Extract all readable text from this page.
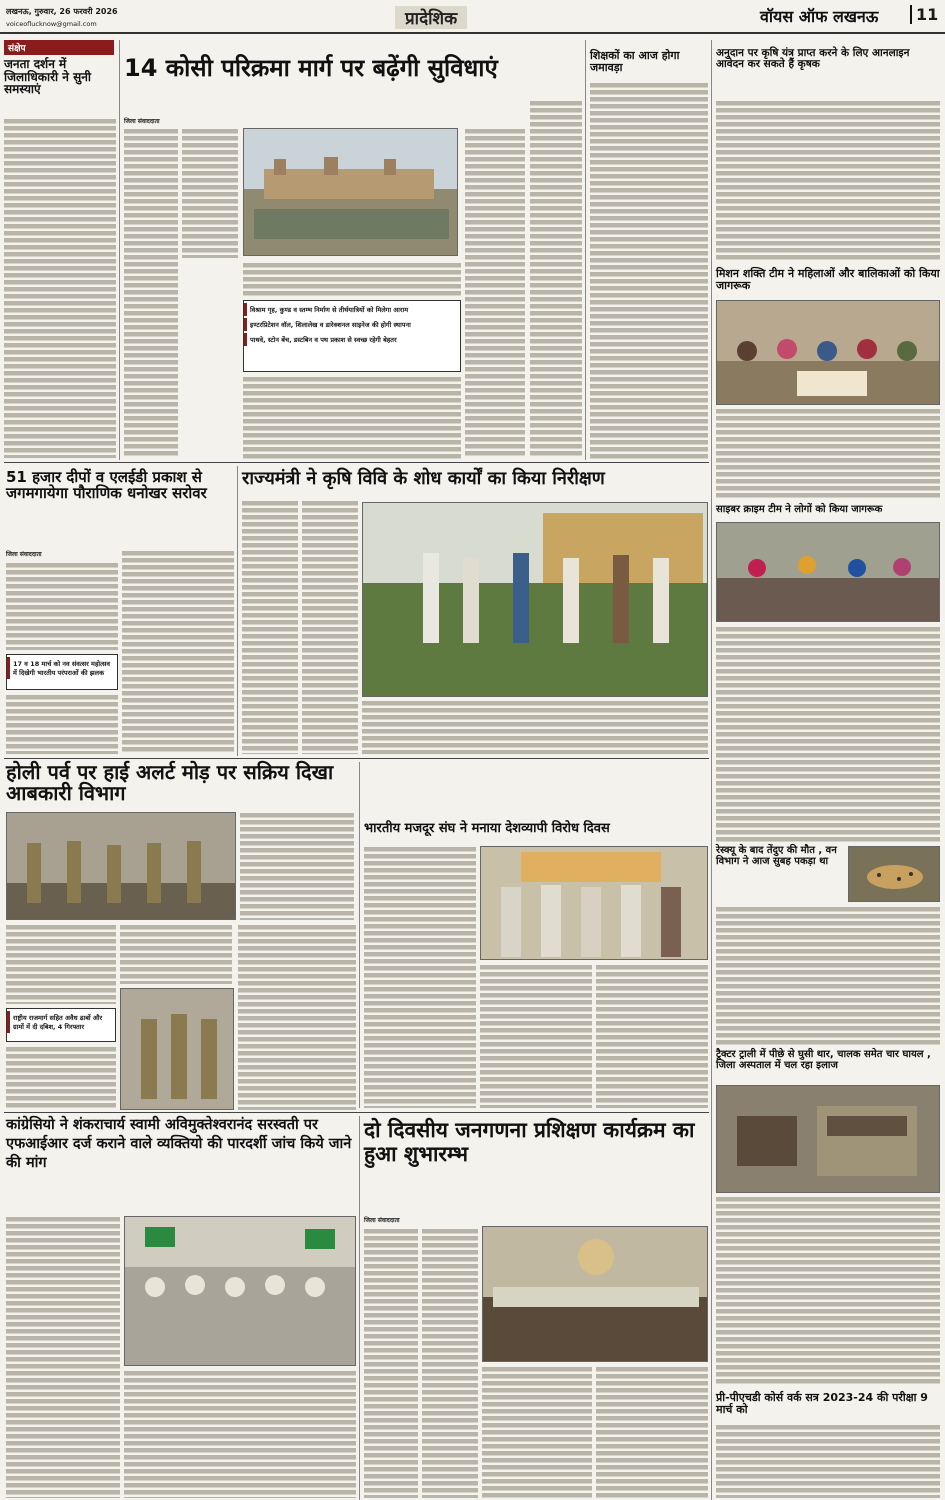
लखनऊ, गुरुवार, 26 फरवरी 2026
voiceoflucknow@gmail.com	प्रादेशिक	वॉयस ऑफ लखनऊ	11
संक्षेप
जनता दर्शन में जिलाधिकारी ने सुनी समस्याएं
14 कोसी परिक्रमा मार्ग पर बढ़ेंगी सुविधाएं
जिला संवाददाता
विश्राम गृह, कुण्ड व स्तम्भ निर्माण से तीर्थयात्रियों को मिलेगा आराम
इण्टरप्रिटेशन वॉल, शिलालेख व डारेक्शनल साइनेज की होगी स्थापना
पाथवे, स्टोन बेंच, डस्टबिन व पथ प्रकाश से स्वच्छ रहेगी बेहतर
शिक्षकों का आज होगा जमावड़ा
अनुदान पर कृषि यंत्र प्राप्त करने के लिए आनलाइन आवेदन कर सकते हैं कृषक
मिशन शक्ति टीम ने महिलाओं और बालिकाओं को किया जागरूक
साइबर क्राइम टीम ने लोगों को किया जागरूक
रेस्क्यू के बाद तेंदुए की मौत , वन विभाग ने आज सुबह पकड़ा था
ट्रैक्टर ट्राली में पीछे से घुसी थार, चालक समेत चार घायल , जिला अस्पताल में चल रहा इलाज
प्री-पीएचडी कोर्स वर्क सत्र 2023-24 की परीक्षा 9 मार्च को
51 हजार दीपों व एलईडी प्रकाश से जगमगायेगा पौराणिक धनोखर सरोवर
जिला संवाददाता
17 व 18 मार्च को नव संवत्सर महोत्सव में दिखेगी भारतीय परंपराओं की झलक
राज्यमंत्री ने कृषि विवि के शोध कार्यों का किया निरीक्षण
होली पर्व पर हाई अलर्ट मोड़ पर सक्रिय दिखा आबकारी विभाग
राष्ट्रीय राजमार्ग सहित अवैध ढाबों और ग्रामों में दी दबिश, 4 गिरफ्तार
भारतीय मजदूर संघ ने मनाया देशव्यापी विरोध दिवस
कांग्रेसियो ने शंकराचार्य स्वामी अविमुक्तेश्वरानंद सरस्वती पर एफआईआर दर्ज कराने वाले व्यक्तियो की पारदर्शी जांच किये जाने की मांग
दो दिवसीय जनगणना प्रशिक्षण कार्यक्रम का हुआ शुभारम्भ
जिला संवाददाता
